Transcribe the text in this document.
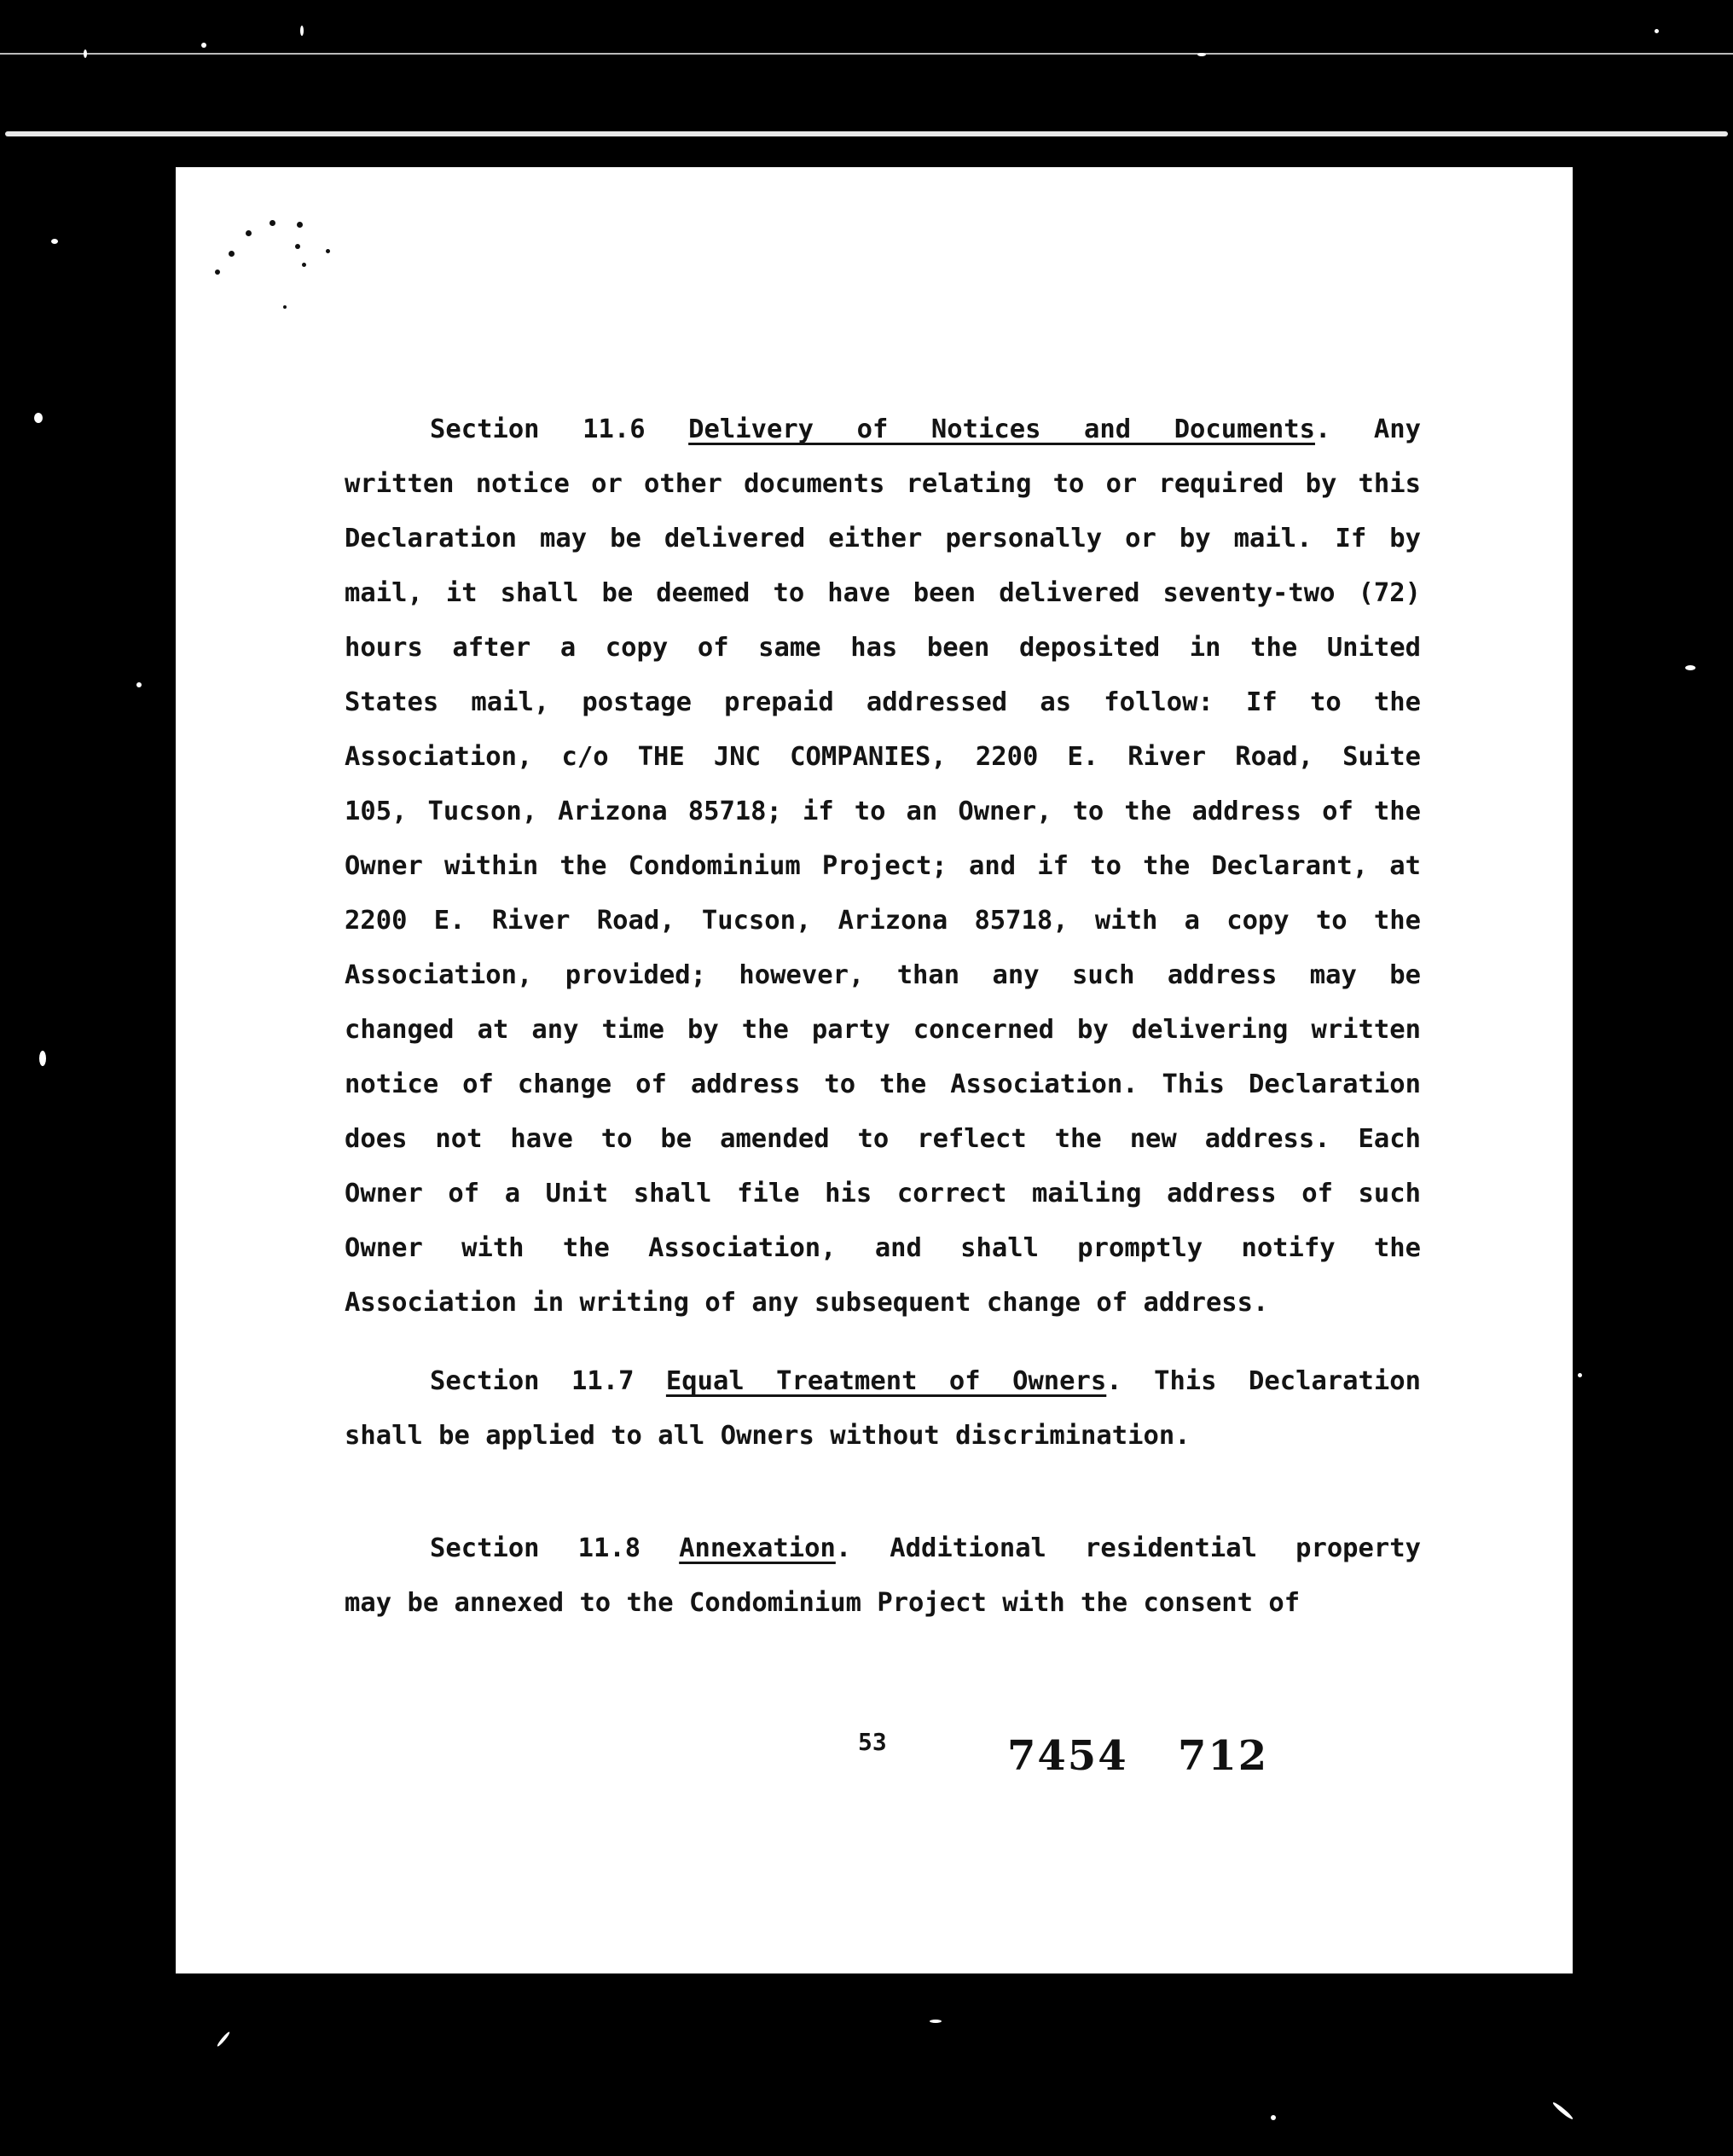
Section 11.6 Delivery of Notices and Documents. Any
written notice or other documents relating to or required by this
Declaration may be delivered either personally or by mail. If by
mail, it shall be deemed to have been delivered seventy-two (72)
hours after a copy of same has been deposited in the United
States mail, postage prepaid addressed as follow: If to the
Association, c/o THE JNC COMPANIES, 2200 E. River Road, Suite
105, Tucson, Arizona 85718; if to an Owner, to the address of the
Owner within the Condominium Project; and if to the Declarant, at
2200 E. River Road, Tucson, Arizona 85718, with a copy to the
Association, provided; however, than any such address may be
changed at any time by the party concerned by delivering written
notice of change of address to the Association. This Declaration
does not have to be amended to reflect the new address. Each
Owner of a Unit shall file his correct mailing address of such
Owner with the Association, and shall promptly notify the
Association in writing of any subsequent change of address.
Section 11.7 Equal Treatment of Owners. This Declaration
shall be applied to all Owners without discrimination.
Section 11.8 Annexation. Additional residential property
may be annexed to the Condominium Project with the consent of
53	7454 712
